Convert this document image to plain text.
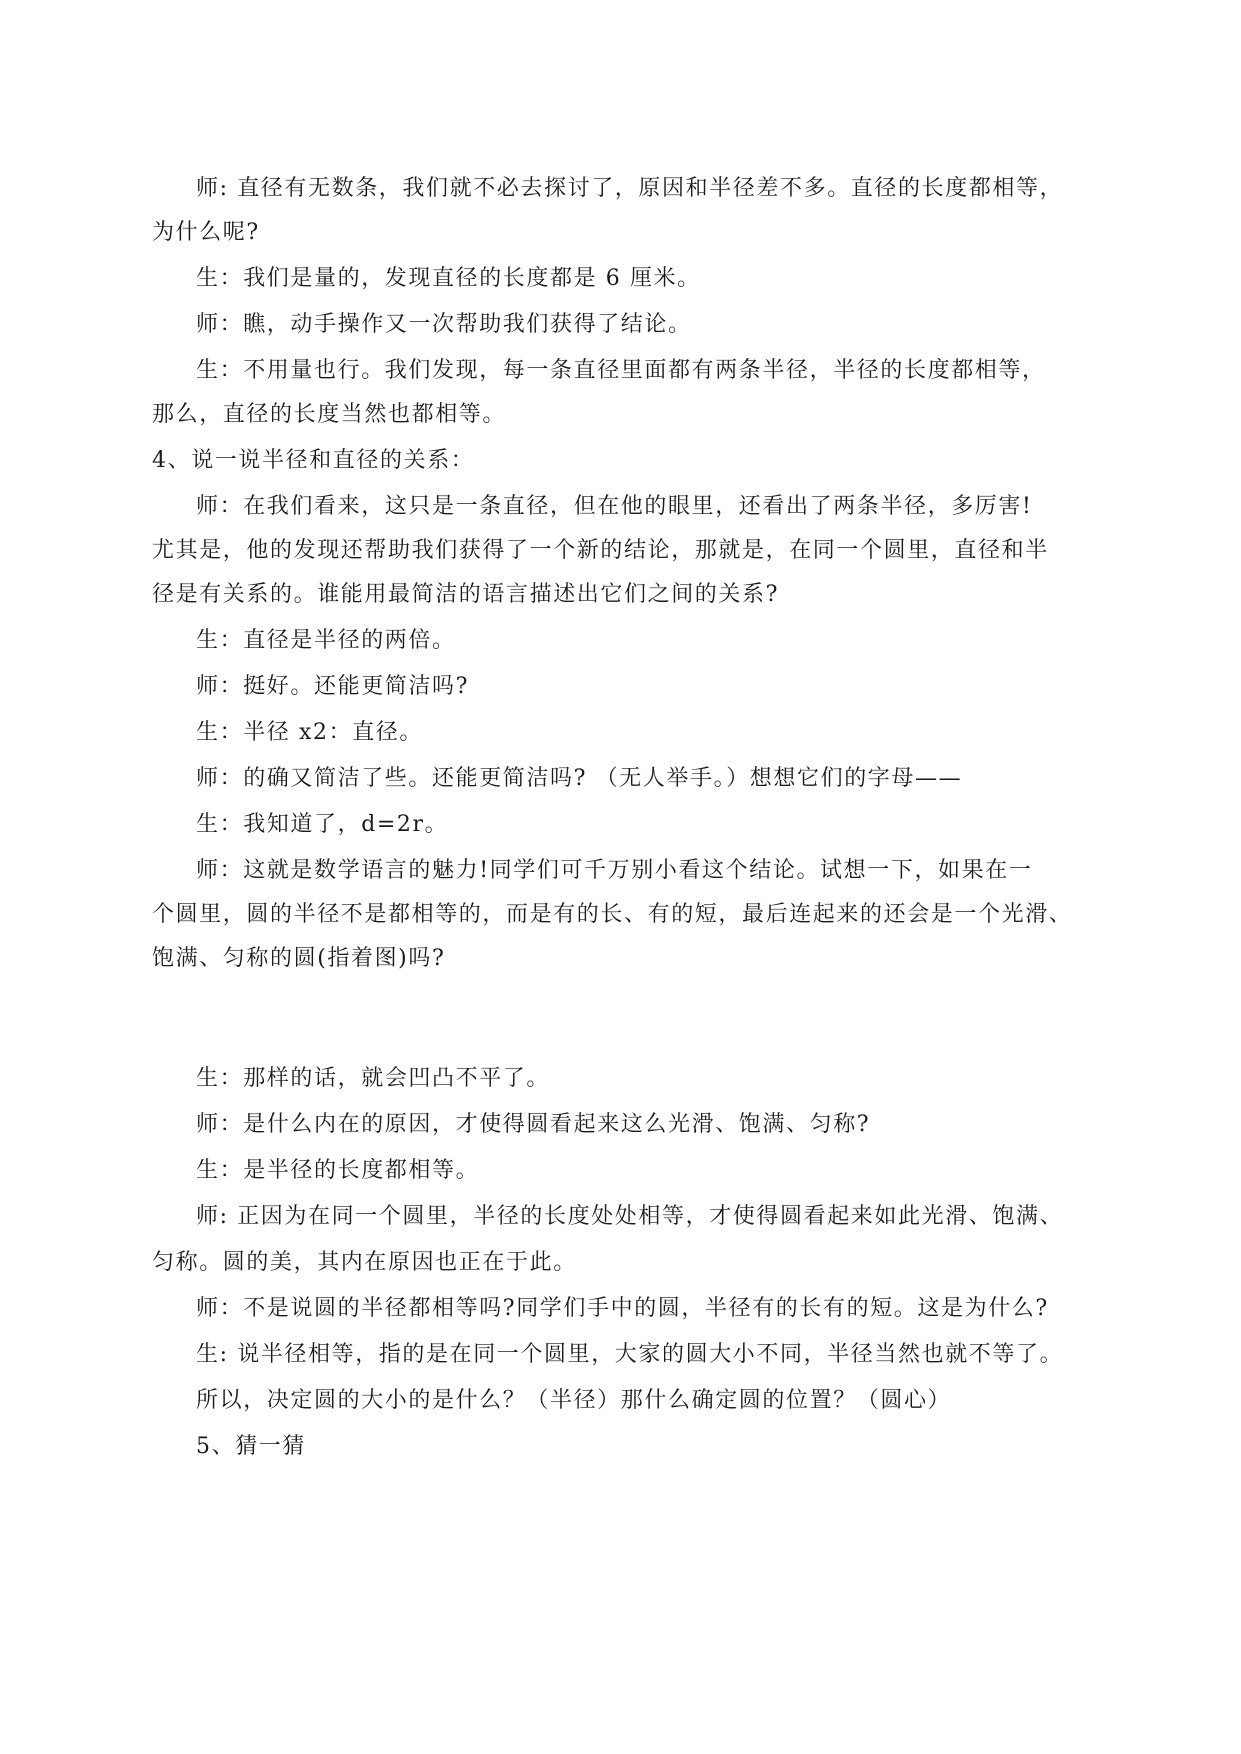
师: 直径有无数条，我们就不必去探讨了，原因和半径差不多。直径的长度都相等，
为什么呢?
生：我们是量的，发现直径的长度都是 6 厘米。
师：瞧，动手操作又一次帮助我们获得了结论。
生：不用量也行。我们发现，每一条直径里面都有两条半径，半径的长度都相等，
那么，直径的长度当然也都相等。
4、说一说半径和直径的关系：
师：在我们看来，这只是一条直径，但在他的眼里，还看出了两条半径，多厉害!
尤其是，他的发现还帮助我们获得了一个新的结论，那就是，在同一个圆里，直径和半
径是有关系的。谁能用最简洁的语言描述出它们之间的关系?
生：直径是半径的两倍。
师：挺好。还能更简洁吗?
生：半径 x2：直径。
师：的确又简洁了些。还能更简洁吗? （无人举手。）想想它们的字母——
生：我知道了，d=2r。
师：这就是数学语言的魅力!同学们可千万别小看这个结论。试想一下，如果在一
个圆里，圆的半径不是都相等的，而是有的长、有的短，最后连起来的还会是一个光滑、
饱满、匀称的圆(指着图)吗?
生：那样的话，就会凹凸不平了。
师：是什么内在的原因，才使得圆看起来这么光滑、饱满、匀称?
生：是半径的长度都相等。
师: 正因为在同一个圆里，半径的长度处处相等，才使得圆看起来如此光滑、饱满、
匀称。圆的美，其内在原因也正在于此。
师：不是说圆的半径都相等吗?同学们手中的圆，半径有的长有的短。这是为什么?
生: 说半径相等，指的是在同一个圆里，大家的圆大小不同，半径当然也就不等了。
所以，决定圆的大小的是什么？（半径）那什么确定圆的位置？（圆心）
5、猜一猜
